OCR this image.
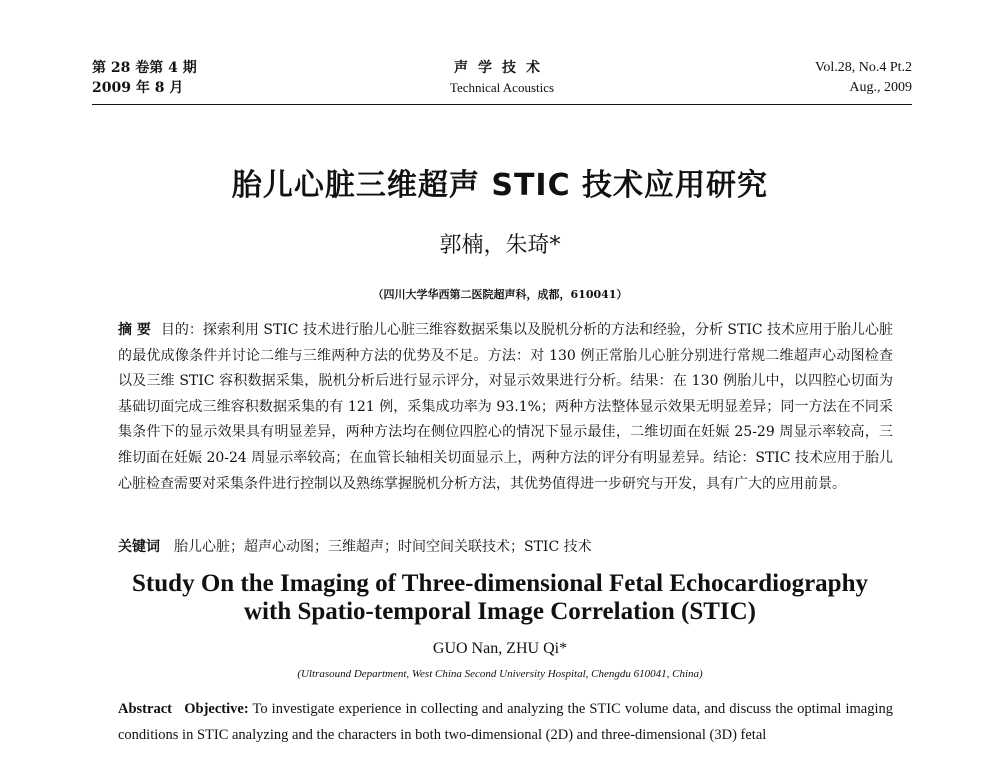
第 28 卷第 4 期
2009 年 8 月
声学技术
Technical Acoustics
Vol.28, No.4 Pt.2
Aug., 2009
胎儿心脏三维超声 STIC 技术应用研究
郭楠，朱琦*
（四川大学华西第二医院超声科，成都，610041）
摘 要 目的：探索利用 STIC 技术进行胎儿心脏三维容数据采集以及脱机分析的方法和经验，分析 STIC 技术应用于胎儿心脏的最优成像条件并讨论二维与三维两种方法的优势及不足。方法：对 130 例正常胎儿心脏分别进行常规二维超声心动图检查以及三维 STIC 容积数据采集，脱机分析后进行显示评分，对显示效果进行分析。结果：在 130 例胎儿中，以四腔心切面为基础切面完成三维容积数据采集的有 121 例，采集成功率为 93.1%；两种方法整体显示效果无明显差异；同一方法在不同采集条件下的显示效果具有明显差异，两种方法均在侧位四腔心的情况下显示最佳，二维切面在妊娠 25-29 周显示率较高，三维切面在妊娠 20-24 周显示率较高；在血管长轴相关切面显示上，两种方法的评分有明显差异。结论：STIC 技术应用于胎儿心脏检查需要对采集条件进行控制以及熟练掌握脱机分析方法，其优势值得进一步研究与开发，具有广大的应用前景。
关键词 胎儿心脏；超声心动图；三维超声；时间空间关联技术；STIC 技术
Study On the Imaging of Three-dimensional Fetal Echocardiography
with Spatio-temporal Image Correlation (STIC)
GUO Nan, ZHU Qi*
(Ultrasound Department, West China Second University Hospital, Chengdu 610041, China)
Abstract Objective: To investigate experience in collecting and analyzing the STIC volume data, and discuss the optimal imaging conditions in STIC analyzing and the characters in both two-dimensional (2D) and three-dimensional (3D) fetal
